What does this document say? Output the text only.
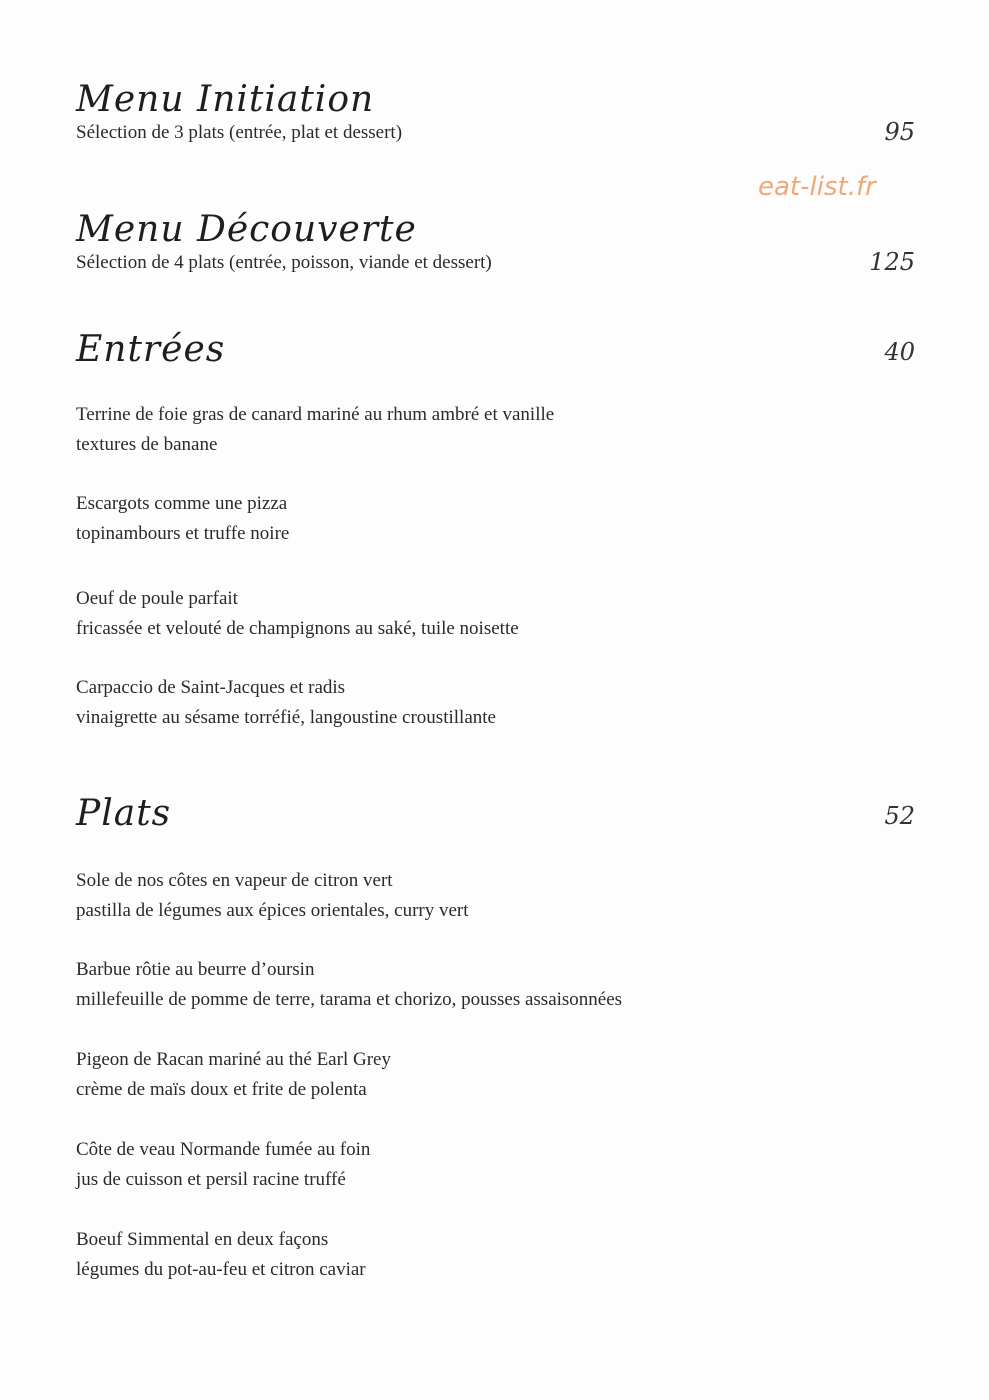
eat-list.fr
Menu Initiation

Sélection de 3 plats (entrée, plat et dessert)	95
Menu Découverte

Sélection de 4 plats (entrée, poisson, viande et dessert)	125
Entrées	40

Terrine de foie gras de canard mariné au rhum ambré et vanille
textures de banane

Escargots comme une pizza
topinambours et truffe noire

Oeuf de poule parfait
fricassée et velouté de champignons au saké, tuile noisette

Carpaccio de Saint-Jacques et radis
vinaigrette au sésame torréfié, langoustine croustillante

Plats	52

Sole de nos côtes en vapeur de citron vert
pastilla de légumes aux épices orientales, curry vert

Barbue rôtie au beurre d’oursin
millefeuille de pomme de terre, tarama et chorizo, pousses assaisonnées

Pigeon de Racan mariné au thé Earl Grey
crème de maïs doux et frite de polenta

Côte de veau Normande fumée au foin
jus de cuisson et persil racine truffé

Boeuf Simmental en deux façons
légumes du pot-au-feu et citron caviar
